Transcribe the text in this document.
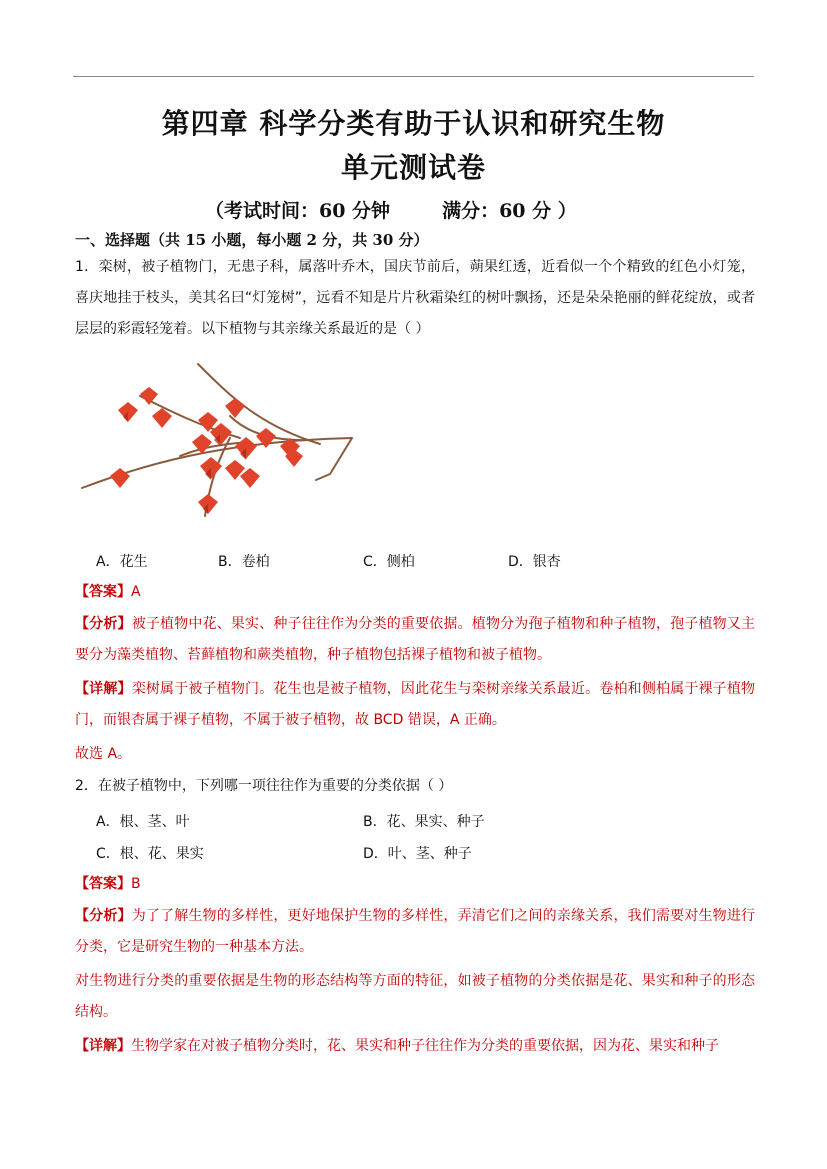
第四章 科学分类有助于认识和研究生物
单元测试卷
（考试时间：60 分钟	满分：60 分 ）
一、选择题（共 15 小题，每小题 2 分，共 30 分）
1．栾树，被子植物门，无患子科，属落叶乔木，国庆节前后，蒴果红透，近看似一个个精致的红色小灯笼，喜庆地挂于枝头，美其名曰“灯笼树”，远看不知是片片秋霜染红的树叶飘扬，还是朵朵艳丽的鲜花绽放，或者层层的彩霞轻笼着。以下植物与其亲缘关系最近的是（ ）
A．花生	B．卷柏	C．侧柏	D．银杏
【答案】A
【分析】被子植物中花、果实、种子往往作为分类的重要依据。植物分为孢子植物和种子植物，孢子植物又主要分为藻类植物、苔藓植物和蕨类植物，种子植物包括裸子植物和被子植物。
【详解】栾树属于被子植物门。花生也是被子植物，因此花生与栾树亲缘关系最近。卷柏和侧柏属于裸子植物门，而银杏属于裸子植物，不属于被子植物，故 BCD 错误，A 正确。
故选 A。
2．在被子植物中，下列哪一项往往作为重要的分类依据（ ）
A．根、茎、叶	B．花、果实、种子
C．根、花、果实	D．叶、茎、种子
【答案】B
【分析】为了了解生物的多样性，更好地保护生物的多样性，弄清它们之间的亲缘关系，我们需要对生物进行分类，它是研究生物的一种基本方法。
对生物进行分类的重要依据是生物的形态结构等方面的特征，如被子植物的分类依据是花、果实和种子的形态结构。
【详解】生物学家在对被子植物分类时，花、果实和种子往往作为分类的重要依据，因为花、果实和种子
